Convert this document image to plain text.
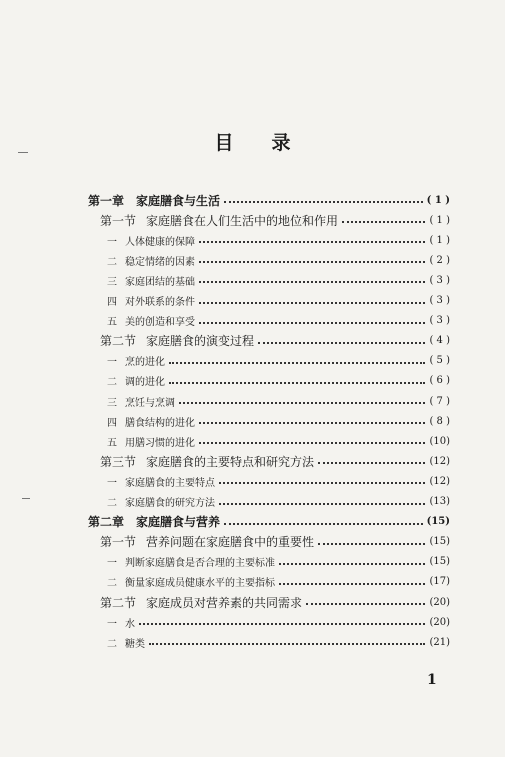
目 录
第一章 家庭膳食与生活	( 1 )
第一节 家庭膳食在人们生活中的地位和作用	( 1 )
一 人体健康的保障	( 1 )
二 稳定情绪的因素	( 2 )
三 家庭团结的基础	( 3 )
四 对外联系的条件	( 3 )
五 美的创造和享受	( 3 )
第二节 家庭膳食的演变过程	( 4 )
一 烹的进化	( 5 )
二 调的进化	( 6 )
三 烹饪与烹调	( 7 )
四 膳食结构的进化	( 8 )
五 用膳习惯的进化	(10)
第三节 家庭膳食的主要特点和研究方法	(12)
一 家庭膳食的主要特点	(12)
二 家庭膳食的研究方法	(13)
第二章 家庭膳食与营养	(15)
第一节 营养问题在家庭膳食中的重要性	(15)
一 判断家庭膳食是否合理的主要标准	(15)
二 衡量家庭成员健康水平的主要指标	(17)
第二节 家庭成员对营养素的共同需求	(20)
一 水	(20)
二 糖类	(21)
1
